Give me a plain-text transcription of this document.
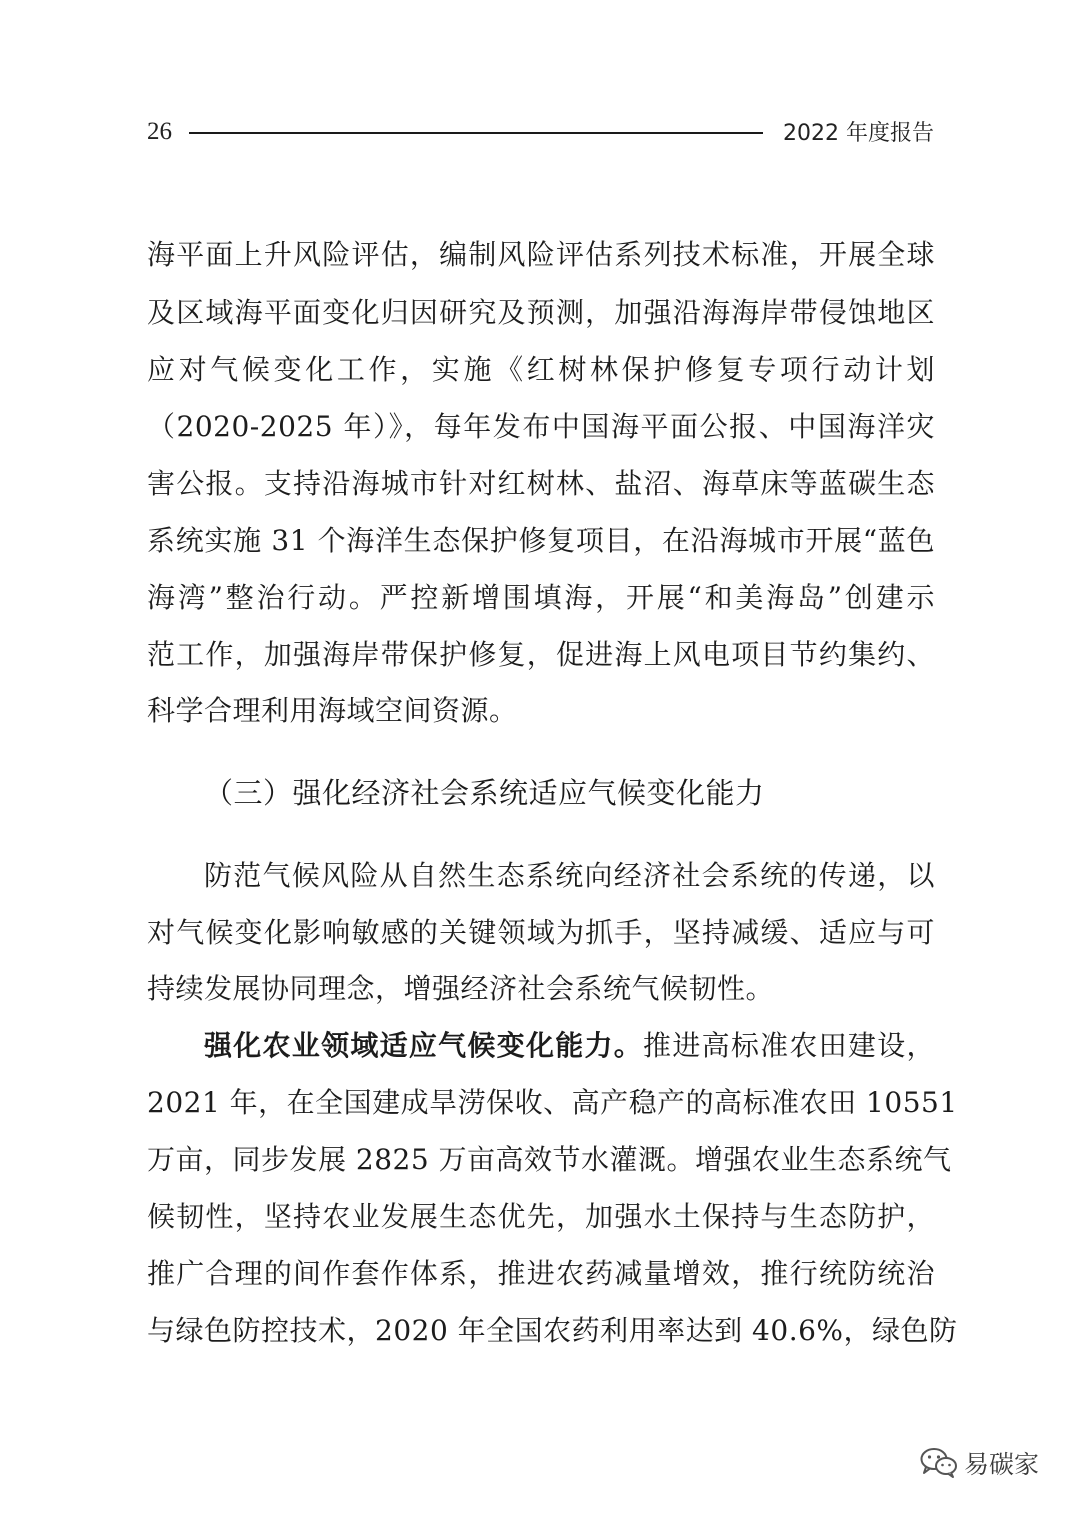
26	2022 年度报告
海平面上升风险评估，编制风险评估系列技术标准，开展全球
及区域海平面变化归因研究及预测，加强沿海海岸带侵蚀地区
应对气候变化工作，实施《红树林保护修复专项行动计划
（2020-2025 年）》，每年发布中国海平面公报、中国海洋灾
害公报。支持沿海城市针对红树林、盐沼、海草床等蓝碳生态
系统实施 31 个海洋生态保护修复项目，在沿海城市开展“蓝色
海湾”整治行动。严控新增围填海，开展“和美海岛”创建示
范工作，加强海岸带保护修复，促进海上风电项目节约集约、
科学合理利用海域空间资源。
（三）强化经济社会系统适应气候变化能力
防范气候风险从自然生态系统向经济社会系统的传递，以
对气候变化影响敏感的关键领域为抓手，坚持减缓、适应与可
持续发展协同理念，增强经济社会系统气候韧性。
强化农业领域适应气候变化能力。推进高标准农田建设，
2021 年，在全国建成旱涝保收、高产稳产的高标准农田 10551
万亩，同步发展 2825 万亩高效节水灌溉。增强农业生态系统气
候韧性，坚持农业发展生态优先，加强水土保持与生态防护，
推广合理的间作套作体系，推进农药减量增效，推行统防统治
与绿色防控技术，2020 年全国农药利用率达到 40.6%，绿色防
易碳家
